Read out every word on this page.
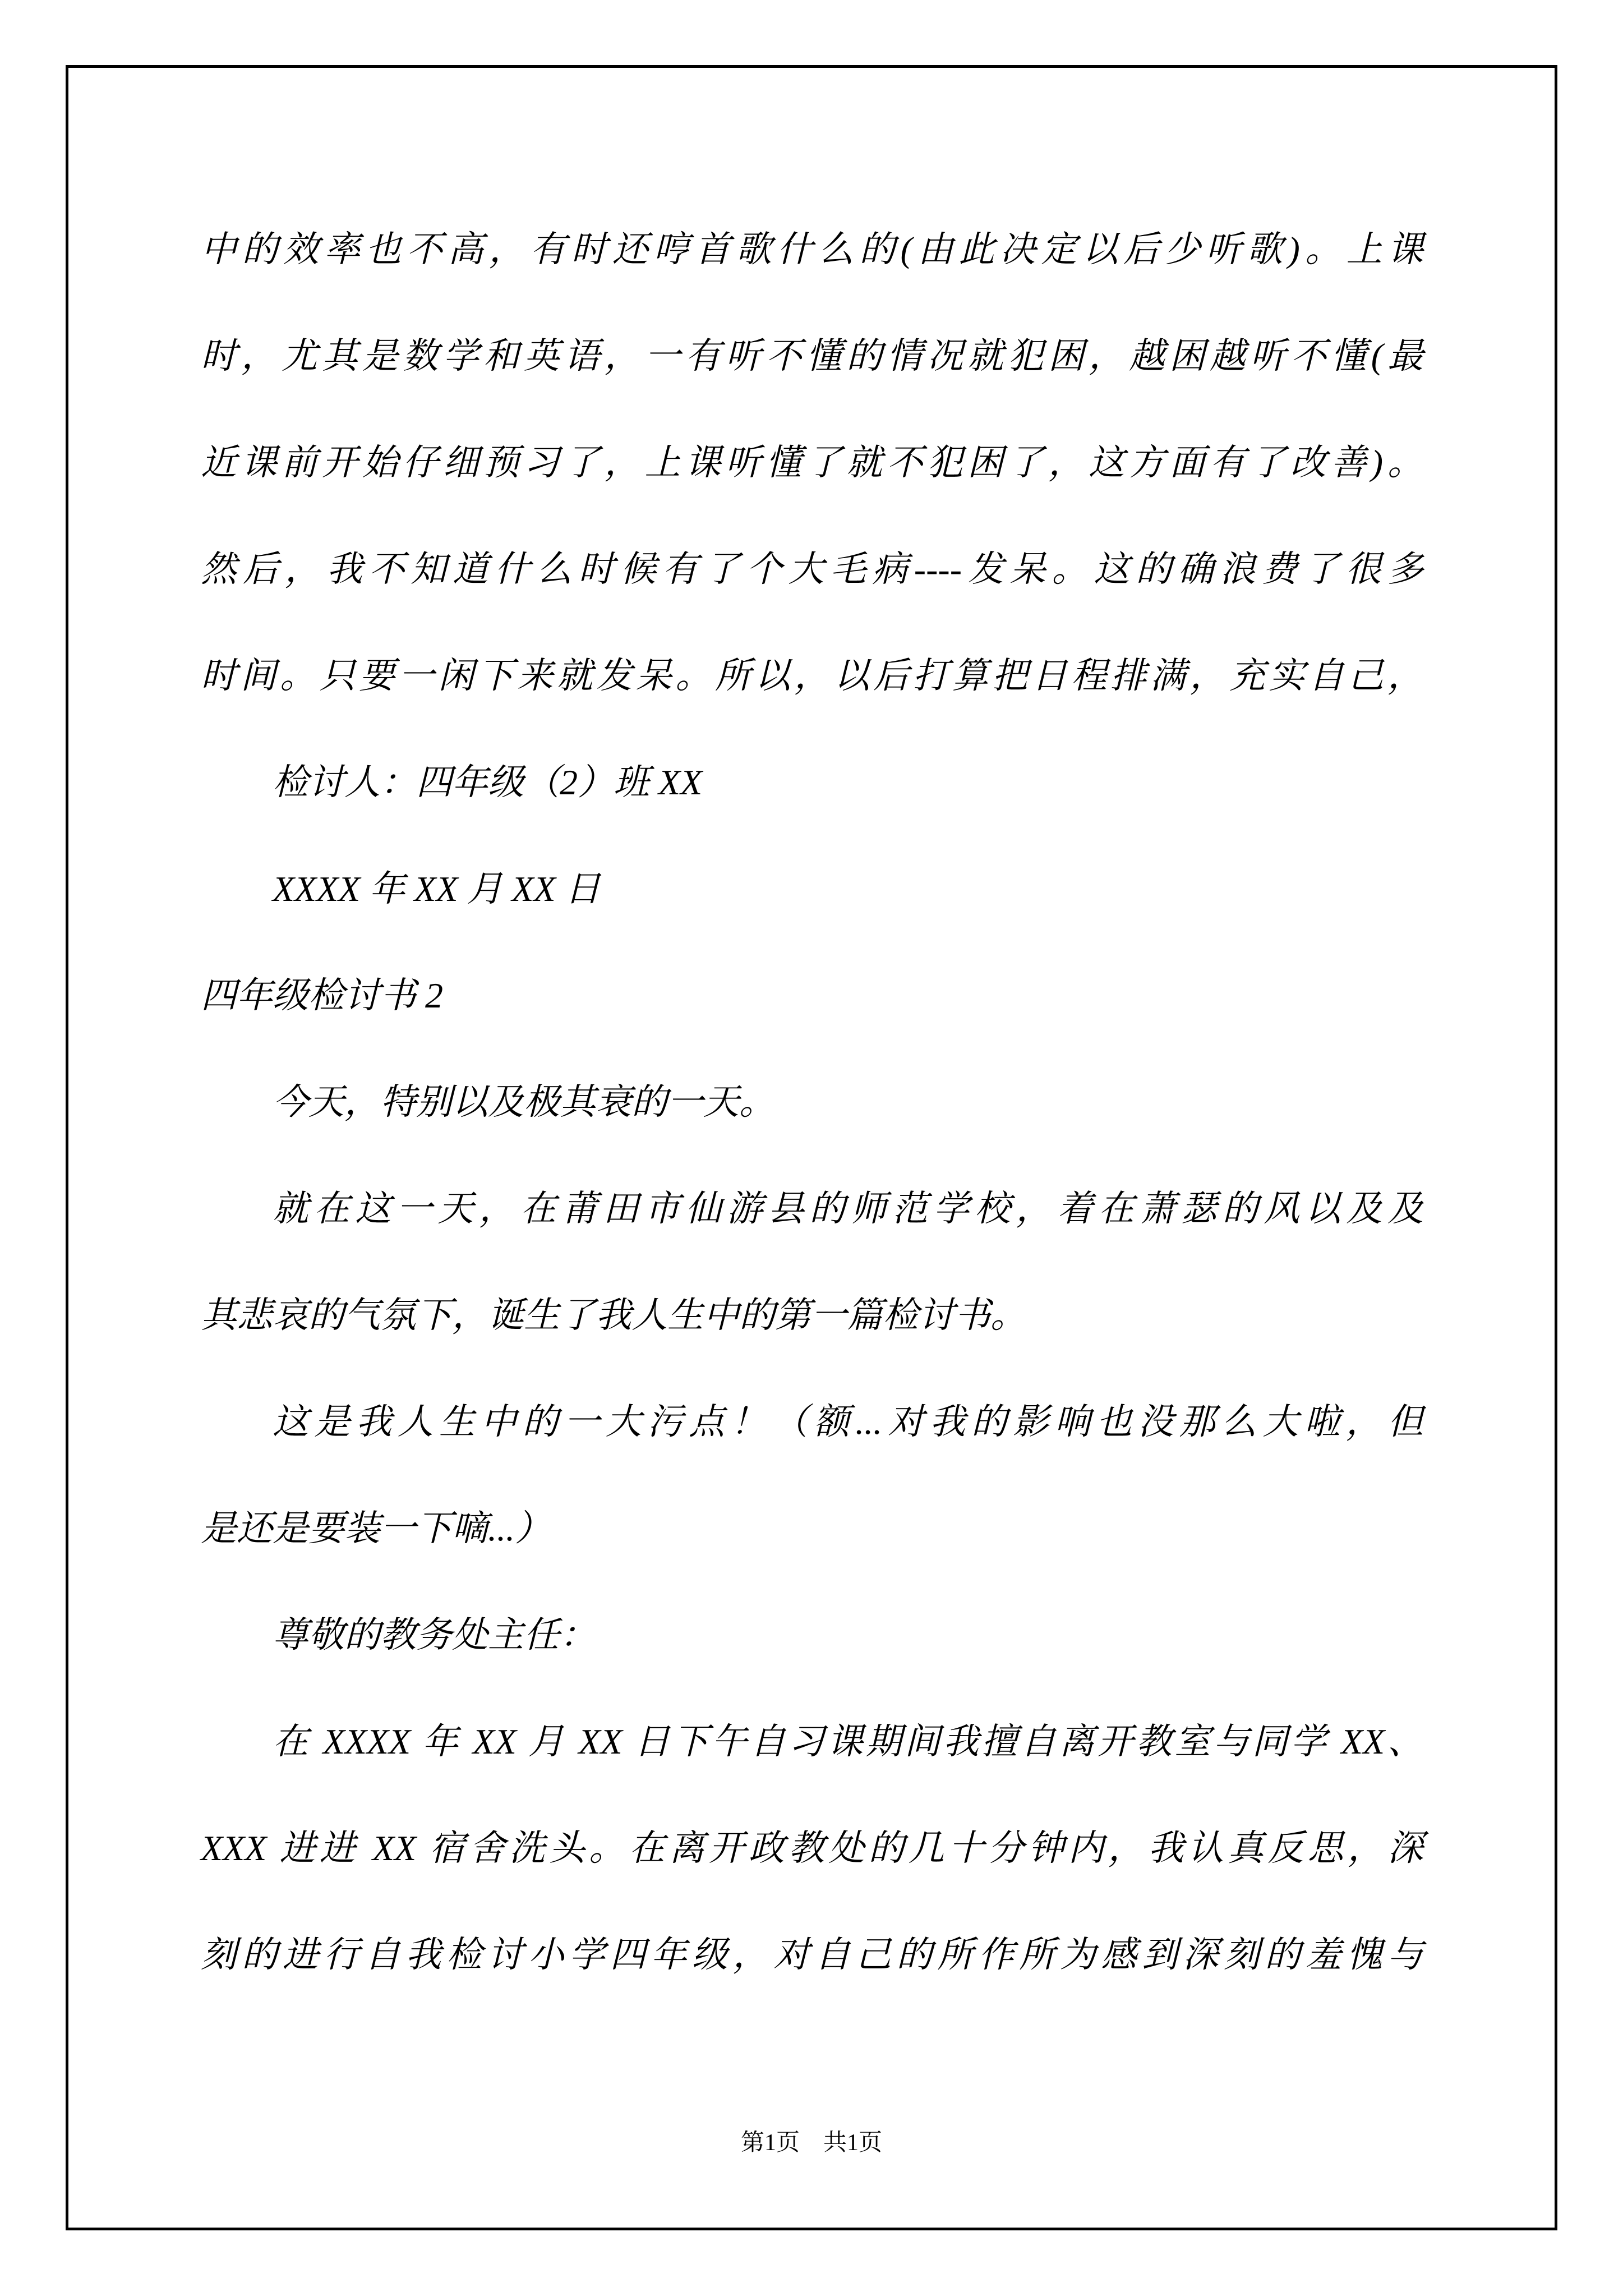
中的效率也不高，有时还哼首歌什么的(由此决定以后少听歌)。上课
时，尤其是数学和英语，一有听不懂的情况就犯困，越困越听不懂(最
近课前开始仔细预习了，上课听懂了就不犯困了，这方面有了改善)。
然后，我不知道什么时候有了个大毛病----发呆。这的确浪费了很多
时间。只要一闲下来就发呆。所以，以后打算把日程排满，充实自己，
检讨人：四年级（2）班 XX
XXXX 年 XX 月 XX 日
四年级检讨书 2
今天，特别以及极其衰的一天。
就在这一天，在莆田市仙游县的师范学校，着在萧瑟的风以及及
其悲哀的气氛下，诞生了我人生中的第一篇检讨书。
这是我人生中的一大污点！（额...对我的影响也没那么大啦，但
是还是要装一下嘀...）
尊敬的教务处主任：
在 XXXX 年 XX 月 XX 日下午自习课期间我擅自离开教室与同学 XX、
XXX 进进 XX 宿舍洗头。在离开政教处的几十分钟内，我认真反思，深
刻的进行自我检讨小学四年级，对自己的所作所为感到深刻的羞愧与
第1页　共1页
